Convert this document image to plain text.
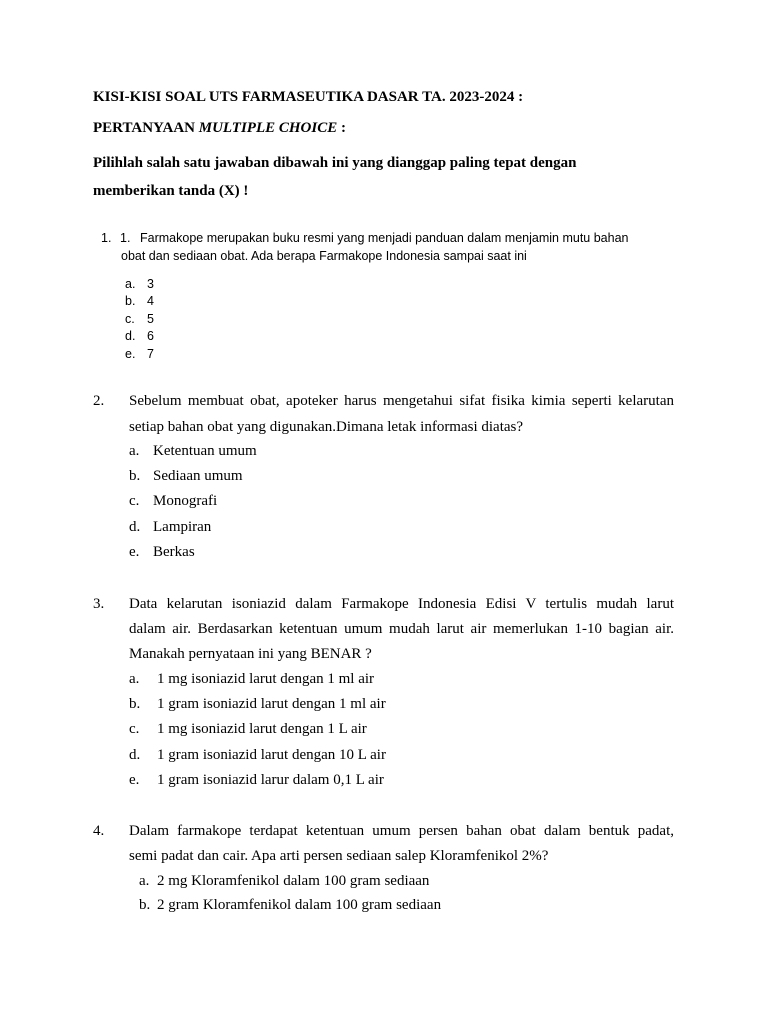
KISI-KISI SOAL UTS FARMASEUTIKA DASAR TA. 2023-2024 :
PERTANYAAN MULTIPLE CHOICE :
Pilihlah salah satu jawaban dibawah ini yang dianggap paling tepat dengan
memberikan tanda (X) !
1. 1. Farmakope merupakan buku resmi yang menjadi panduan dalam menjamin mutu bahan
obat dan sediaan obat. Ada berapa Farmakope Indonesia sampai saat ini
a. 3
b. 4
c. 5
d. 6
e. 7
2. Sebelum membuat obat, apoteker harus mengetahui sifat fisika kimia seperti kelarutan
setiap bahan obat yang digunakan.Dimana letak informasi diatas?
a. Ketentuan umum
b. Sediaan umum
c. Monografi
d. Lampiran
e. Berkas
3. Data kelarutan isoniazid dalam Farmakope Indonesia Edisi V tertulis mudah larut
dalam air. Berdasarkan ketentuan umum mudah larut air memerlukan 1-10 bagian air.
Manakah pernyataan ini yang BENAR ?
a. 1 mg isoniazid larut dengan 1 ml air
b. 1 gram isoniazid larut dengan 1 ml air
c. 1 mg isoniazid larut dengan 1 L air
d. 1 gram isoniazid larut dengan 10 L air
e. 1 gram isoniazid larur dalam 0,1 L air
4. Dalam farmakope terdapat ketentuan umum persen bahan obat dalam bentuk padat,
semi padat dan cair. Apa arti persen sediaan salep Kloramfenikol 2%?
a. 2 mg Kloramfenikol dalam 100 gram sediaan
b. 2 gram Kloramfenikol dalam 100 gram sediaan
